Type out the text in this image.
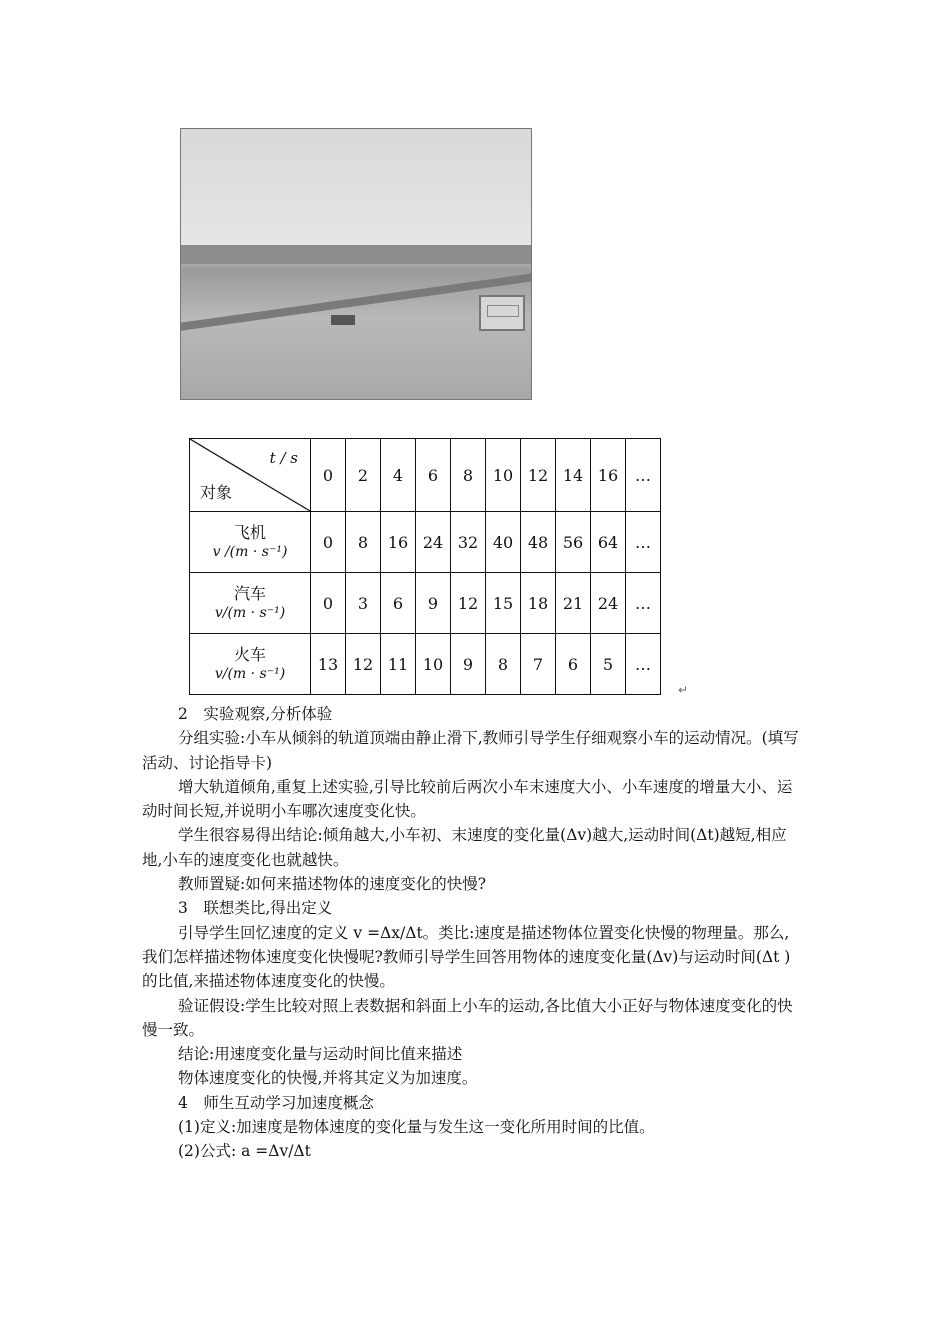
t / s
对象	0	2	4	6	8	10	12	14	16	…

飞机
v /(m · s⁻¹)	0	8	16	24	32	40	48	56	64	…

汽车
v/(m · s⁻¹)	0	3	6	9	12	15	18	21	24	…

火车
v/(m · s⁻¹)	13	12	11	10	9	8	7	6	5	…
↵

2　实验观察,分析体验

分组实验:小车从倾斜的轨道顶端由静止滑下,教师引导学生仔细观察小车的运动情况。(填写活动、讨论指导卡)

增大轨道倾角,重复上述实验,引导比较前后两次小车末速度大小、小车速度的增量大小、运动时间长短,并说明小车哪次速度变化快。

学生很容易得出结论:倾角越大,小车初、末速度的变化量(Δv)越大,运动时间(Δt)越短,相应地,小车的速度变化也就越快。

教师置疑:如何来描述物体的速度变化的快慢?

3　联想类比,得出定义

引导学生回忆速度的定义 v =Δx/Δt。类比:速度是描述物体位置变化快慢的物理量。那么,我们怎样描述物体速度变化快慢呢?教师引导学生回答用物体的速度变化量(Δv)与运动时间(Δt )的比值,来描述物体速度变化的快慢。

验证假设:学生比较对照上表数据和斜面上小车的运动,各比值大小正好与物体速度变化的快慢一致。

结论:用速度变化量与运动时间比值来描述

物体速度变化的快慢,并将其定义为加速度。

4　师生互动学习加速度概念

(1)定义:加速度是物体速度的变化量与发生这一变化所用时间的比值。

(2)公式: a =Δv/Δt
